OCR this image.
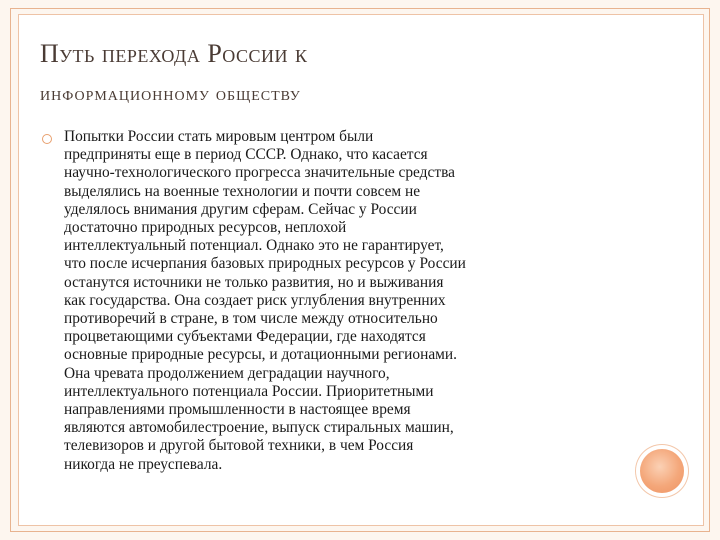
Путь перехода России к
информационному обществу
Попытки России стать мировым центром были
предприняты еще в период СССР. Однако, что касается
научно-технологического прогресса значительные средства
выделялись на военные технологии и почти совсем не
уделялось внимания другим сферам. Сейчас у России
достаточно природных ресурсов, неплохой
интеллектуальный потенциал. Однако это не гарантирует,
что после исчерпания базовых природных ресурсов у России
останутся источники не только развития, но и выживания
как государства. Она создает риск углубления внутренних
противоречий в стране, в том числе между относительно
процветающими субъектами Федерации, где находятся
основные природные ресурсы, и дотационными регионами.
Она чревата продолжением деградации научного,
интеллектуального потенциала России. Приоритетными
направлениями промышленности в настоящее время
являются автомобилестроение, выпуск стиральных машин,
телевизоров и другой бытовой техники, в чем Россия
никогда не преуспевала.
